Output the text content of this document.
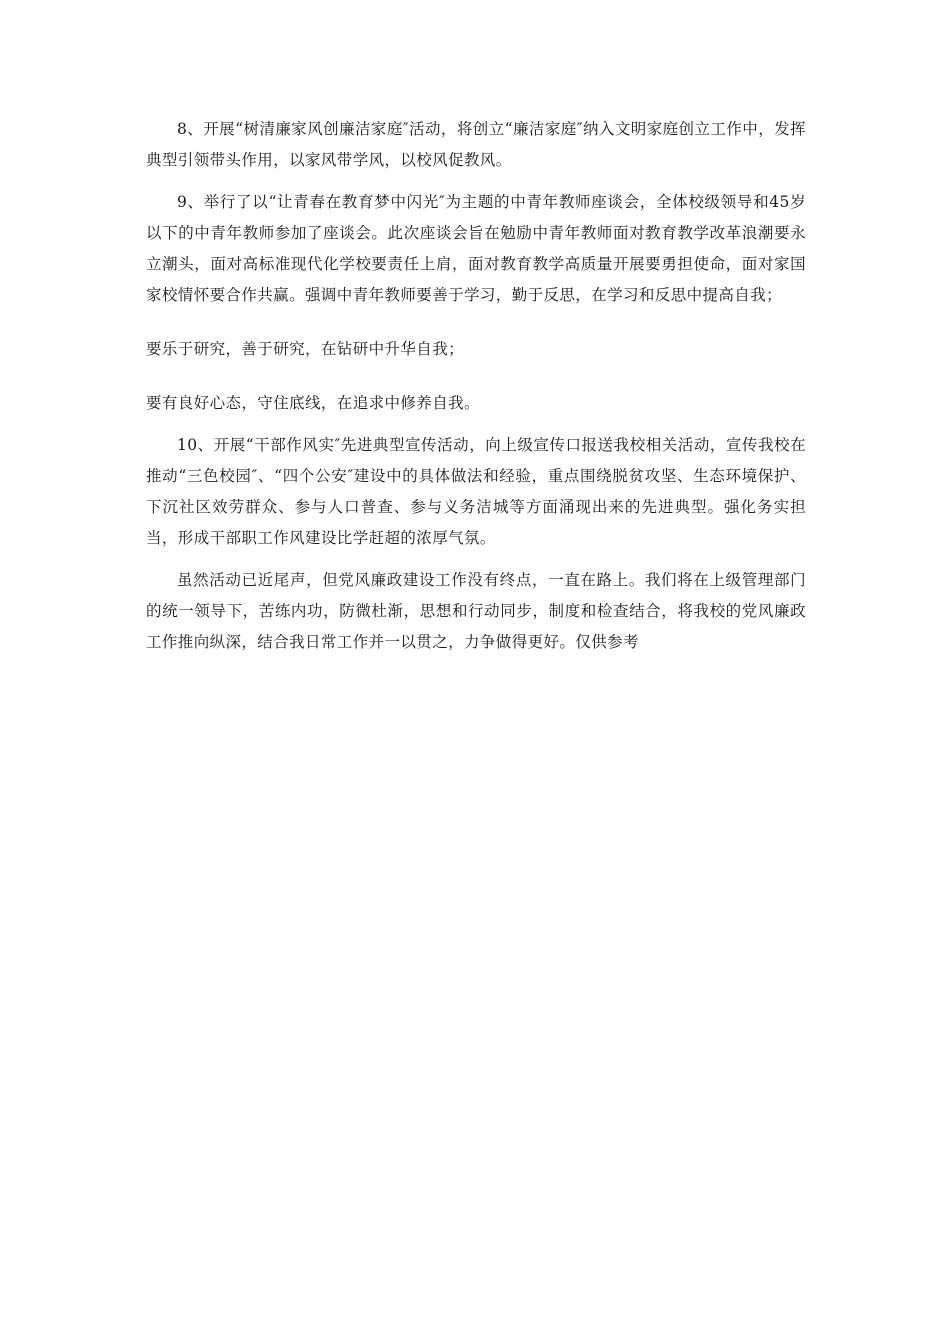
8、开展“树清廉家风创廉洁家庭″活动，将创立“廉洁家庭″纳入文明家庭创立工作中，发挥典型引领带头作用，以家风带学风，以校风促教风。

9、举行了以“让青春在教育梦中闪光″为主题的中青年教师座谈会，全体校级领导和45岁以下的中青年教师参加了座谈会。此次座谈会旨在勉励中青年教师面对教育教学改革浪潮要永立潮头，面对高标准现代化学校要责任上肩，面对教育教学高质量开展要勇担使命，面对家国家校情怀要合作共赢。强调中青年教师要善于学习，勤于反思，在学习和反思中提高自我；

要乐于研究，善于研究，在钻研中升华自我；

要有良好心态，守住底线，在追求中修养自我。

10、开展“干部作风实″先进典型宣传活动，向上级宣传口报送我校相关活动，宣传我校在推动“三色校园″、“四个公安″建设中的具体做法和经验，重点围绕脱贫攻坚、生态环境保护、下沉社区效劳群众、参与人口普查、参与义务洁城等方面涌现出来的先进典型。强化务实担当，形成干部职工作风建设比学赶超的浓厚气氛。

虽然活动已近尾声，但党风廉政建设工作没有终点，一直在路上。我们将在上级管理部门的统一领导下，苦练内功，防微杜渐，思想和行动同步，制度和检查结合，将我校的党风廉政工作推向纵深，结合我日常工作并一以贯之，力争做得更好。仅供参考
